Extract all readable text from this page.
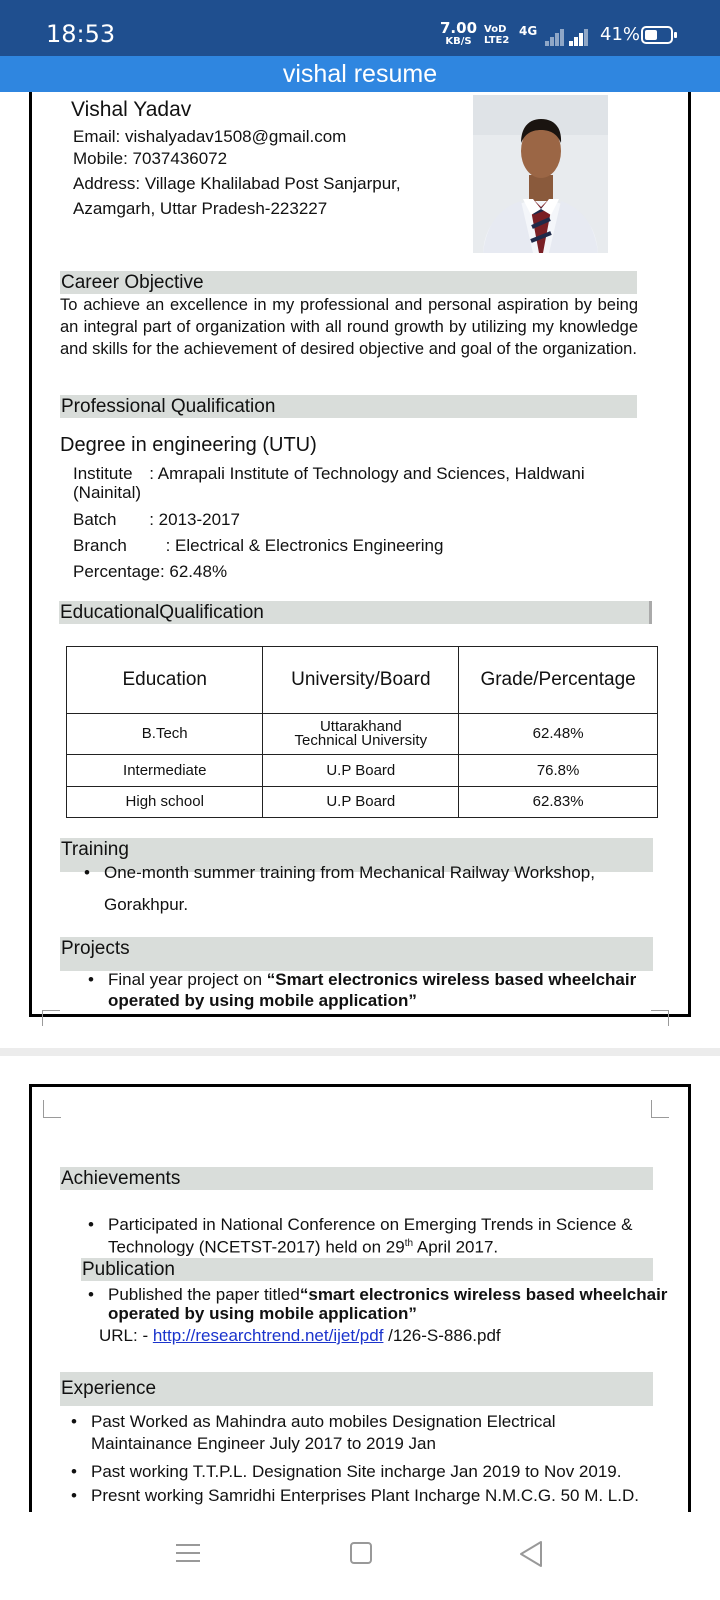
18:53	7.00
KB/S
VoD
LTE2
4G	41%
vishal resume
Vishal Yadav
Email: vishalyadav1508@gmail.com
Mobile: 7037436072
Address: Village Khalilabad Post Sanjarpur,
Azamgarh, Uttar Pradesh-223227
Career Objective
To achieve an excellence in my professional and personal aspiration by being an integral part of organization with all round growth by utilizing my knowledge and skills for the achievement of desired objective and goal of the organization.
Professional Qualification
Degree in engineering (UTU)
Institute : Amrapali Institute of Technology and Sciences, Haldwani
(Nainital)
Batch : 2013-2017
Branch : Electrical & Electronics Engineering
Percentage: 62.48%
EducationalQualification
Education	University/Board	Grade/Percentage
B.Tech	Uttarakhand Technical University	62.48%
Intermediate	U.P Board	76.8%
High school	U.P Board	62.83%
Training
• One-month summer training from Mechanical Railway Workshop,
Gorakhpur.
Projects
• Final year project on “Smart electronics wireless based wheelchair
operated by using mobile application”
Achievements
• Participated in National Conference on Emerging Trends in Science &
Technology (NCETST-2017) held on 29th April 2017.
Publication
• Published the paper titled“smart electronics wireless based wheelchair
operated by using mobile application”
URL: - http://researchtrend.net/ijet/pdf /126-S-886.pdf
Experience
• Past Worked as Mahindra auto mobiles Designation Electrical
Maintainance Engineer July 2017 to 2019 Jan
• Past working T.T.P.L. Designation Site incharge Jan 2019 to Nov 2019.
• Presnt working Samridhi Enterprises Plant Incharge N.M.C.G. 50 M. L.D.
